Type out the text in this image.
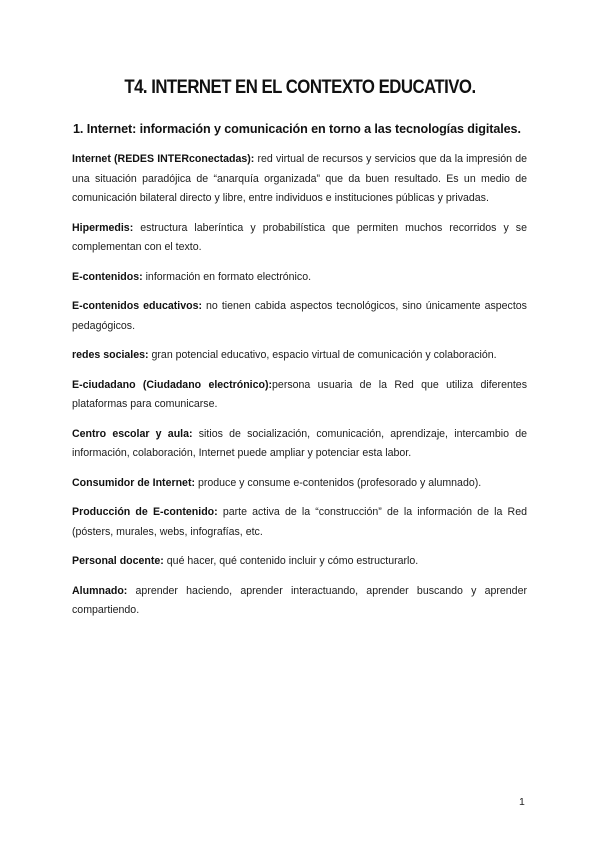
T4. INTERNET EN EL CONTEXTO EDUCATIVO.
1. Internet: información y comunicación en torno a las tecnologías digitales.

Internet (REDES INTERconectadas): red virtual de recursos y servicios que da la impresión de una situación paradójica de “anarquía organizada” que da buen resultado. Es un medio de comunicación bilateral directo y libre, entre individuos e instituciones públicas y privadas.

Hipermedis: estructura laberíntica y probabilística que permiten muchos recorridos y se complementan con el texto.

E-contenidos: información en formato electrónico.

E-contenidos educativos: no tienen cabida aspectos tecnológicos, sino únicamente aspectos pedagógicos.

redes sociales: gran potencial educativo, espacio virtual de comunicación y colaboración.

E-ciudadano (Ciudadano electrónico):persona usuaria de la Red que utiliza diferentes plataformas para comunicarse.

Centro escolar y aula: sitios de socialización, comunicación, aprendizaje, intercambio de información, colaboración, Internet puede ampliar y potenciar esta labor.

Consumidor de Internet: produce y consume e-contenidos (profesorado y alumnado).

Producción de E-contenido: parte activa de la “construcción” de la información de la Red (pósters, murales, webs, infografías, etc.

Personal docente: qué hacer, qué contenido incluir y cómo estructurarlo.

Alumnado: aprender haciendo, aprender interactuando, aprender buscando y aprender compartiendo.

1
